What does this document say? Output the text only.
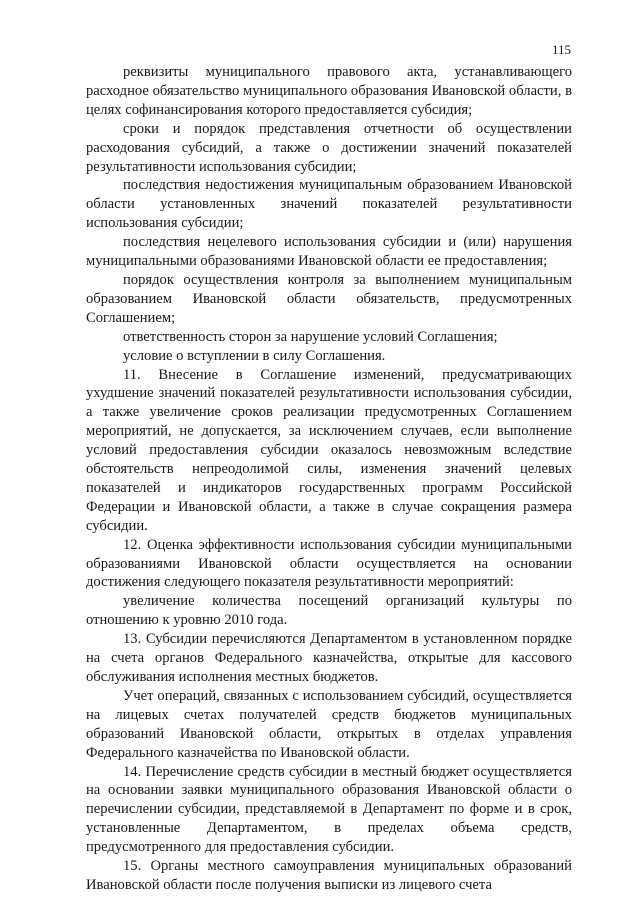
115

реквизиты муниципального правового акта, устанавливающего расходное обязательство муниципального образования Ивановской области, в целях софинансирования которого предоставляется субсидия;

сроки и порядок представления отчетности об осуществлении расходования субсидий, а также о достижении значений показателей результативности использования субсидии;

последствия недостижения муниципальным образованием Ивановской области установленных значений показателей результативности использования субсидии;

последствия нецелевого использования субсидии и (или) нарушения муниципальными образованиями Ивановской области ее предоставления;

порядок осуществления контроля за выполнением муниципальным образованием Ивановской области обязательств, предусмотренных Соглашением;

ответственность сторон за нарушение условий Соглашения;

условие о вступлении в силу Соглашения.

11. Внесение в Соглашение изменений, предусматривающих ухудшение значений показателей результативности использования субсидии, а также увеличение сроков реализации предусмотренных Соглашением мероприятий, не допускается, за исключением случаев, если выполнение условий предоставления субсидии оказалось невозможным вследствие обстоятельств непреодолимой силы, изменения значений целевых показателей и индикаторов государственных программ Российской Федерации и Ивановской области, а также в случае сокращения размера субсидии.

12. Оценка эффективности использования субсидии муниципальными образованиями Ивановской области осуществляется на основании достижения следующего показателя результативности мероприятий:

увеличение количества посещений организаций культуры по отношению к уровню 2010 года.

13. Субсидии перечисляются Департаментом в установленном порядке на счета органов Федерального казначейства, открытые для кассового обслуживания исполнения местных бюджетов.

Учет операций, связанных с использованием субсидий, осуществляется на лицевых счетах получателей средств бюджетов муниципальных образований Ивановской области, открытых в отделах управления Федерального казначейства по Ивановской области.

14. Перечисление средств субсидии в местный бюджет осуществляется на основании заявки муниципального образования Ивановской области о перечислении субсидии, представляемой в Департамент по форме и в срок, установленные Департаментом, в пределах объема средств, предусмотренного для предоставления субсидии.

15. Органы местного самоуправления муниципальных образований Ивановской области после получения выписки из лицевого счета
